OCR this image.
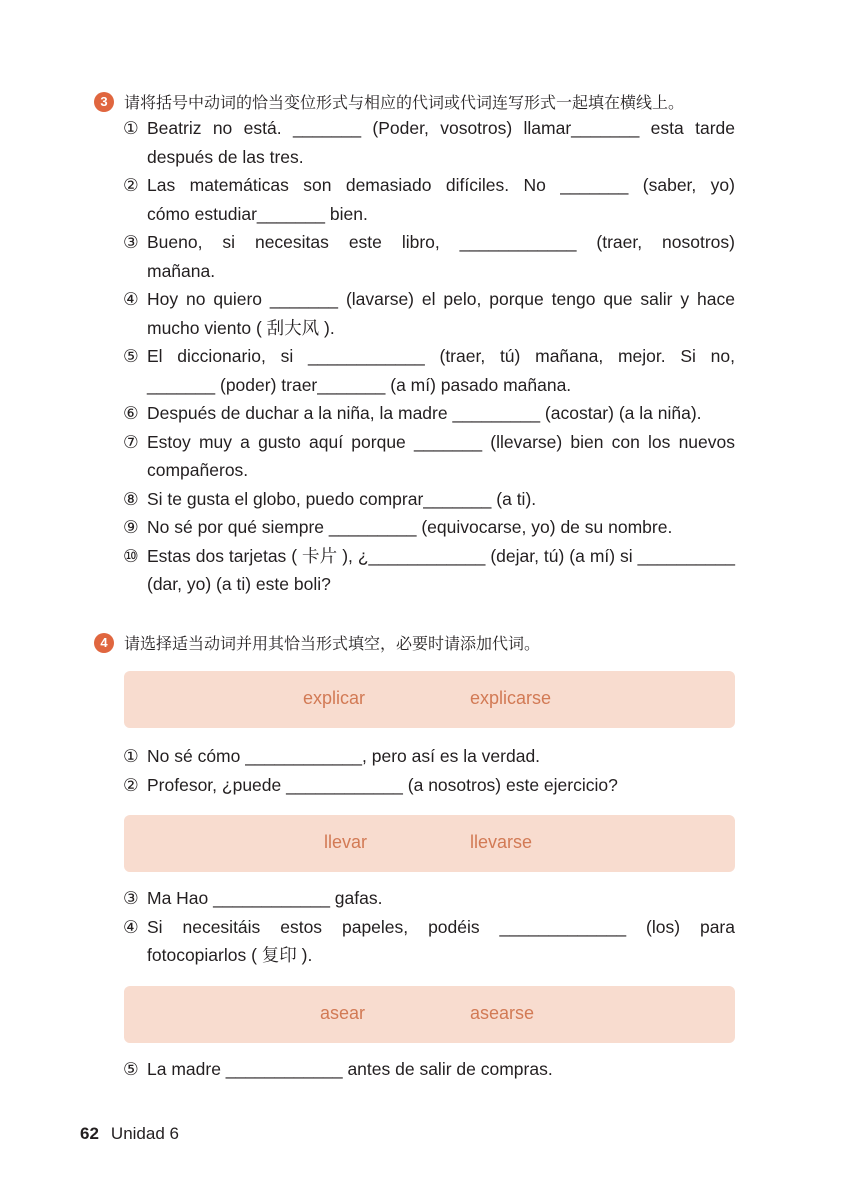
3	请将括号中动词的恰当变位形式与相应的代词或代词连写形式一起填在横线上。
① Beatriz no está. _______ (Poder, vosotros) llamar_______ esta tarde
después de las tres.
② Las matemáticas son demasiado difíciles. No _______ (saber, yo)
cómo estudiar_______ bien.
③ Bueno, si necesitas este libro, ____________ (traer, nosotros)
mañana.
④ Hoy no quiero _______ (lavarse) el pelo, porque tengo que salir y hace
mucho viento ( 刮大风 ).
⑤ El diccionario, si ____________ (traer, tú) mañana, mejor. Si no,
_______ (poder) traer_______ (a mí) pasado mañana.
⑥ Después de duchar a la niña, la madre _________ (acostar) (a la niña).
⑦ Estoy muy a gusto aquí porque _______ (llevarse) bien con los nuevos
compañeros.
⑧ Si te gusta el globo, puedo comprar_______ (a ti).
⑨ No sé por qué siempre _________ (equivocarse, yo) de su nombre.
⑩ Estas dos tarjetas ( 卡片 ), ¿____________ (dejar, tú) (a mí) si __________
(dar, yo) (a ti) este boli?
4	请选择适当动词并用其恰当形式填空，必要时请添加代词。
explicar	explicarse
① No sé cómo ____________, pero así es la verdad.
② Profesor, ¿puede ____________ (a nosotros) este ejercicio?
llevar	llevarse
③ Ma Hao ____________ gafas.
④ Si necesitáis estos papeles, podéis _____________ (los) para
fotocopiarlos ( 复印 ).
asear	asearse
⑤ La madre ____________ antes de salir de compras.
62 Unidad 6
